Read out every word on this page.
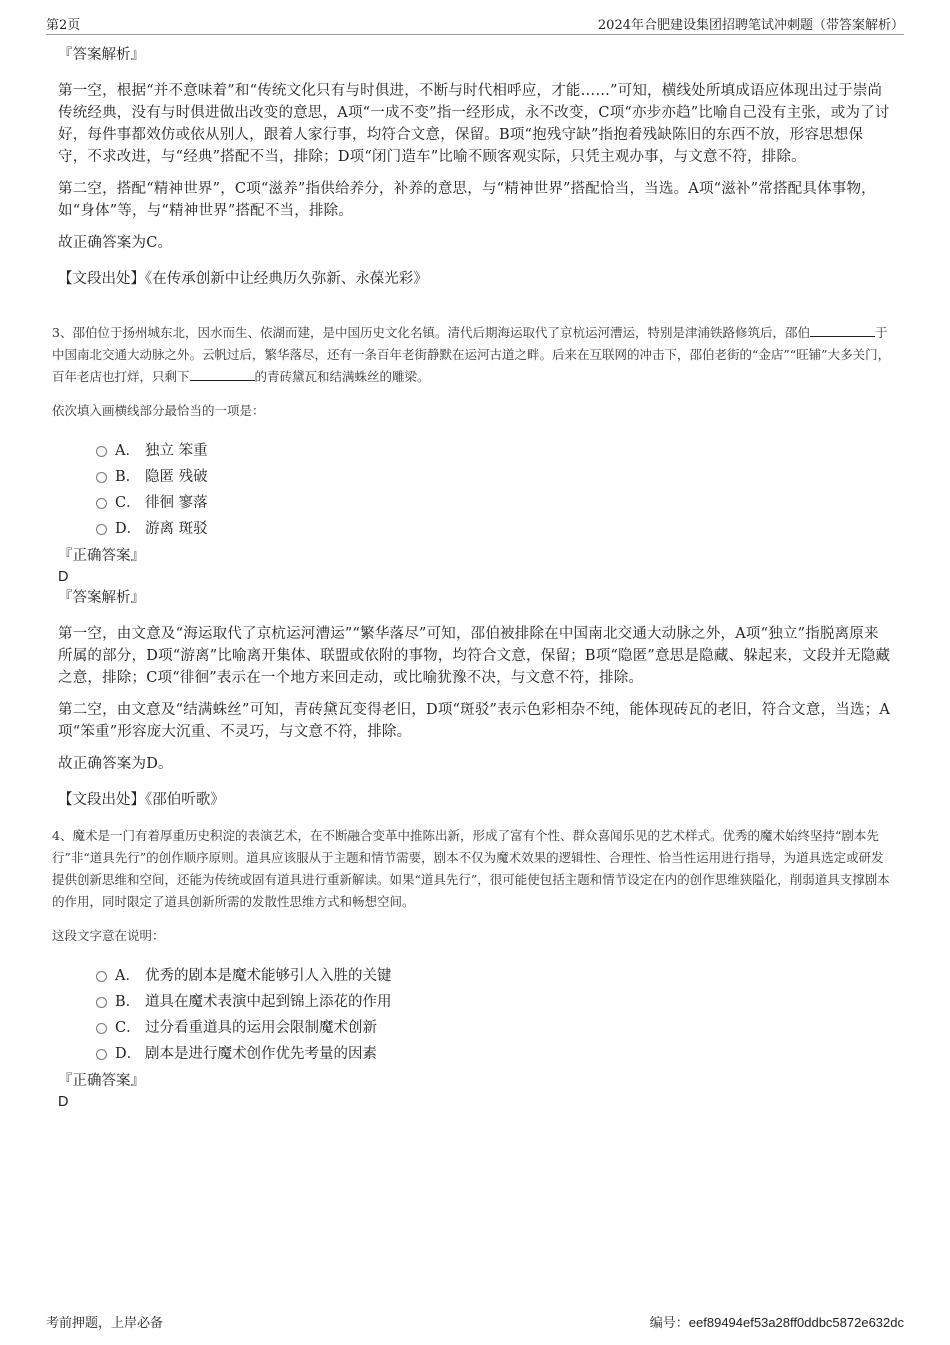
第2页	2024年合肥建设集团招聘笔试冲刺题（带答案解析）

『答案解析』

第一空，根据“并不意味着”和“传统文化只有与时俱进，不断与时代相呼应，才能……”可知，横线处所填成语应体现出过于崇尚传统经典，没有与时俱进做出改变的意思，A项“一成不变”指一经形成，永不改变，C项“亦步亦趋”比喻自己没有主张，或为了讨好，每件事都效仿或依从别人，跟着人家行事，均符合文意，保留。B项“抱残守缺”指抱着残缺陈旧的东西不放，形容思想保守，不求改进，与“经典”搭配不当，排除；D项“闭门造车”比喻不顾客观实际，只凭主观办事，与文意不符，排除。

第二空，搭配“精神世界”，C项“滋养”指供给养分，补养的意思，与“精神世界”搭配恰当，当选。A项“滋补”常搭配具体事物，如“身体”等，与“精神世界”搭配不当，排除。

故正确答案为C。

【文段出处】《在传承创新中让经典历久弥新、永葆光彩》

3、邵伯位于扬州城东北，因水而生、依湖而建，是中国历史文化名镇。清代后期海运取代了京杭运河漕运，特别是津浦铁路修筑后，邵伯	于中国南北交通大动脉之外。云帆过后，繁华落尽，还有一条百年老街静默在运河古道之畔。后来在互联网的冲击下，邵伯老街的“金店”“旺铺”大多关门，百年老店也打烊，只剩下	的青砖黛瓦和结满蛛丝的雕梁。

依次填入画横线部分最恰当的一项是：

A． 独立 笨重
B． 隐匿 残破
C． 徘徊 寥落
D． 游离 斑驳

『正确答案』

D

『答案解析』

第一空，由文意及“海运取代了京杭运河漕运”“繁华落尽”可知，邵伯被排除在中国南北交通大动脉之外，A项“独立”指脱离原来所属的部分，D项“游离”比喻离开集体、联盟或依附的事物，均符合文意，保留；B项“隐匿”意思是隐藏、躲起来，文段并无隐藏之意，排除；C项“徘徊”表示在一个地方来回走动，或比喻犹豫不决，与文意不符，排除。

第二空，由文意及“结满蛛丝”可知，青砖黛瓦变得老旧，D项“斑驳”表示色彩相杂不纯，能体现砖瓦的老旧，符合文意，当选；A项“笨重”形容庞大沉重、不灵巧，与文意不符，排除。

故正确答案为D。

【文段出处】《邵伯听歌》

4、魔术是一门有着厚重历史积淀的表演艺术，在不断融合变革中推陈出新，形成了富有个性、群众喜闻乐见的艺术样式。优秀的魔术始终坚持“剧本先行”非“道具先行”的创作顺序原则。道具应该服从于主题和情节需要，剧本不仅为魔术效果的逻辑性、合理性、恰当性运用进行指导，为道具选定或研发提供创新思维和空间，还能为传统或固有道具进行重新解读。如果“道具先行”，很可能使包括主题和情节设定在内的创作思维狭隘化，削弱道具支撑剧本的作用，同时限定了道具创新所需的发散性思维方式和畅想空间。

这段文字意在说明：

A． 优秀的剧本是魔术能够引人入胜的关键
B． 道具在魔术表演中起到锦上添花的作用
C． 过分看重道具的运用会限制魔术创新
D． 剧本是进行魔术创作优先考量的因素

『正确答案』

D

考前押题，上岸必备	编号：eef89494ef53a28ff0ddbc5872e632dc
